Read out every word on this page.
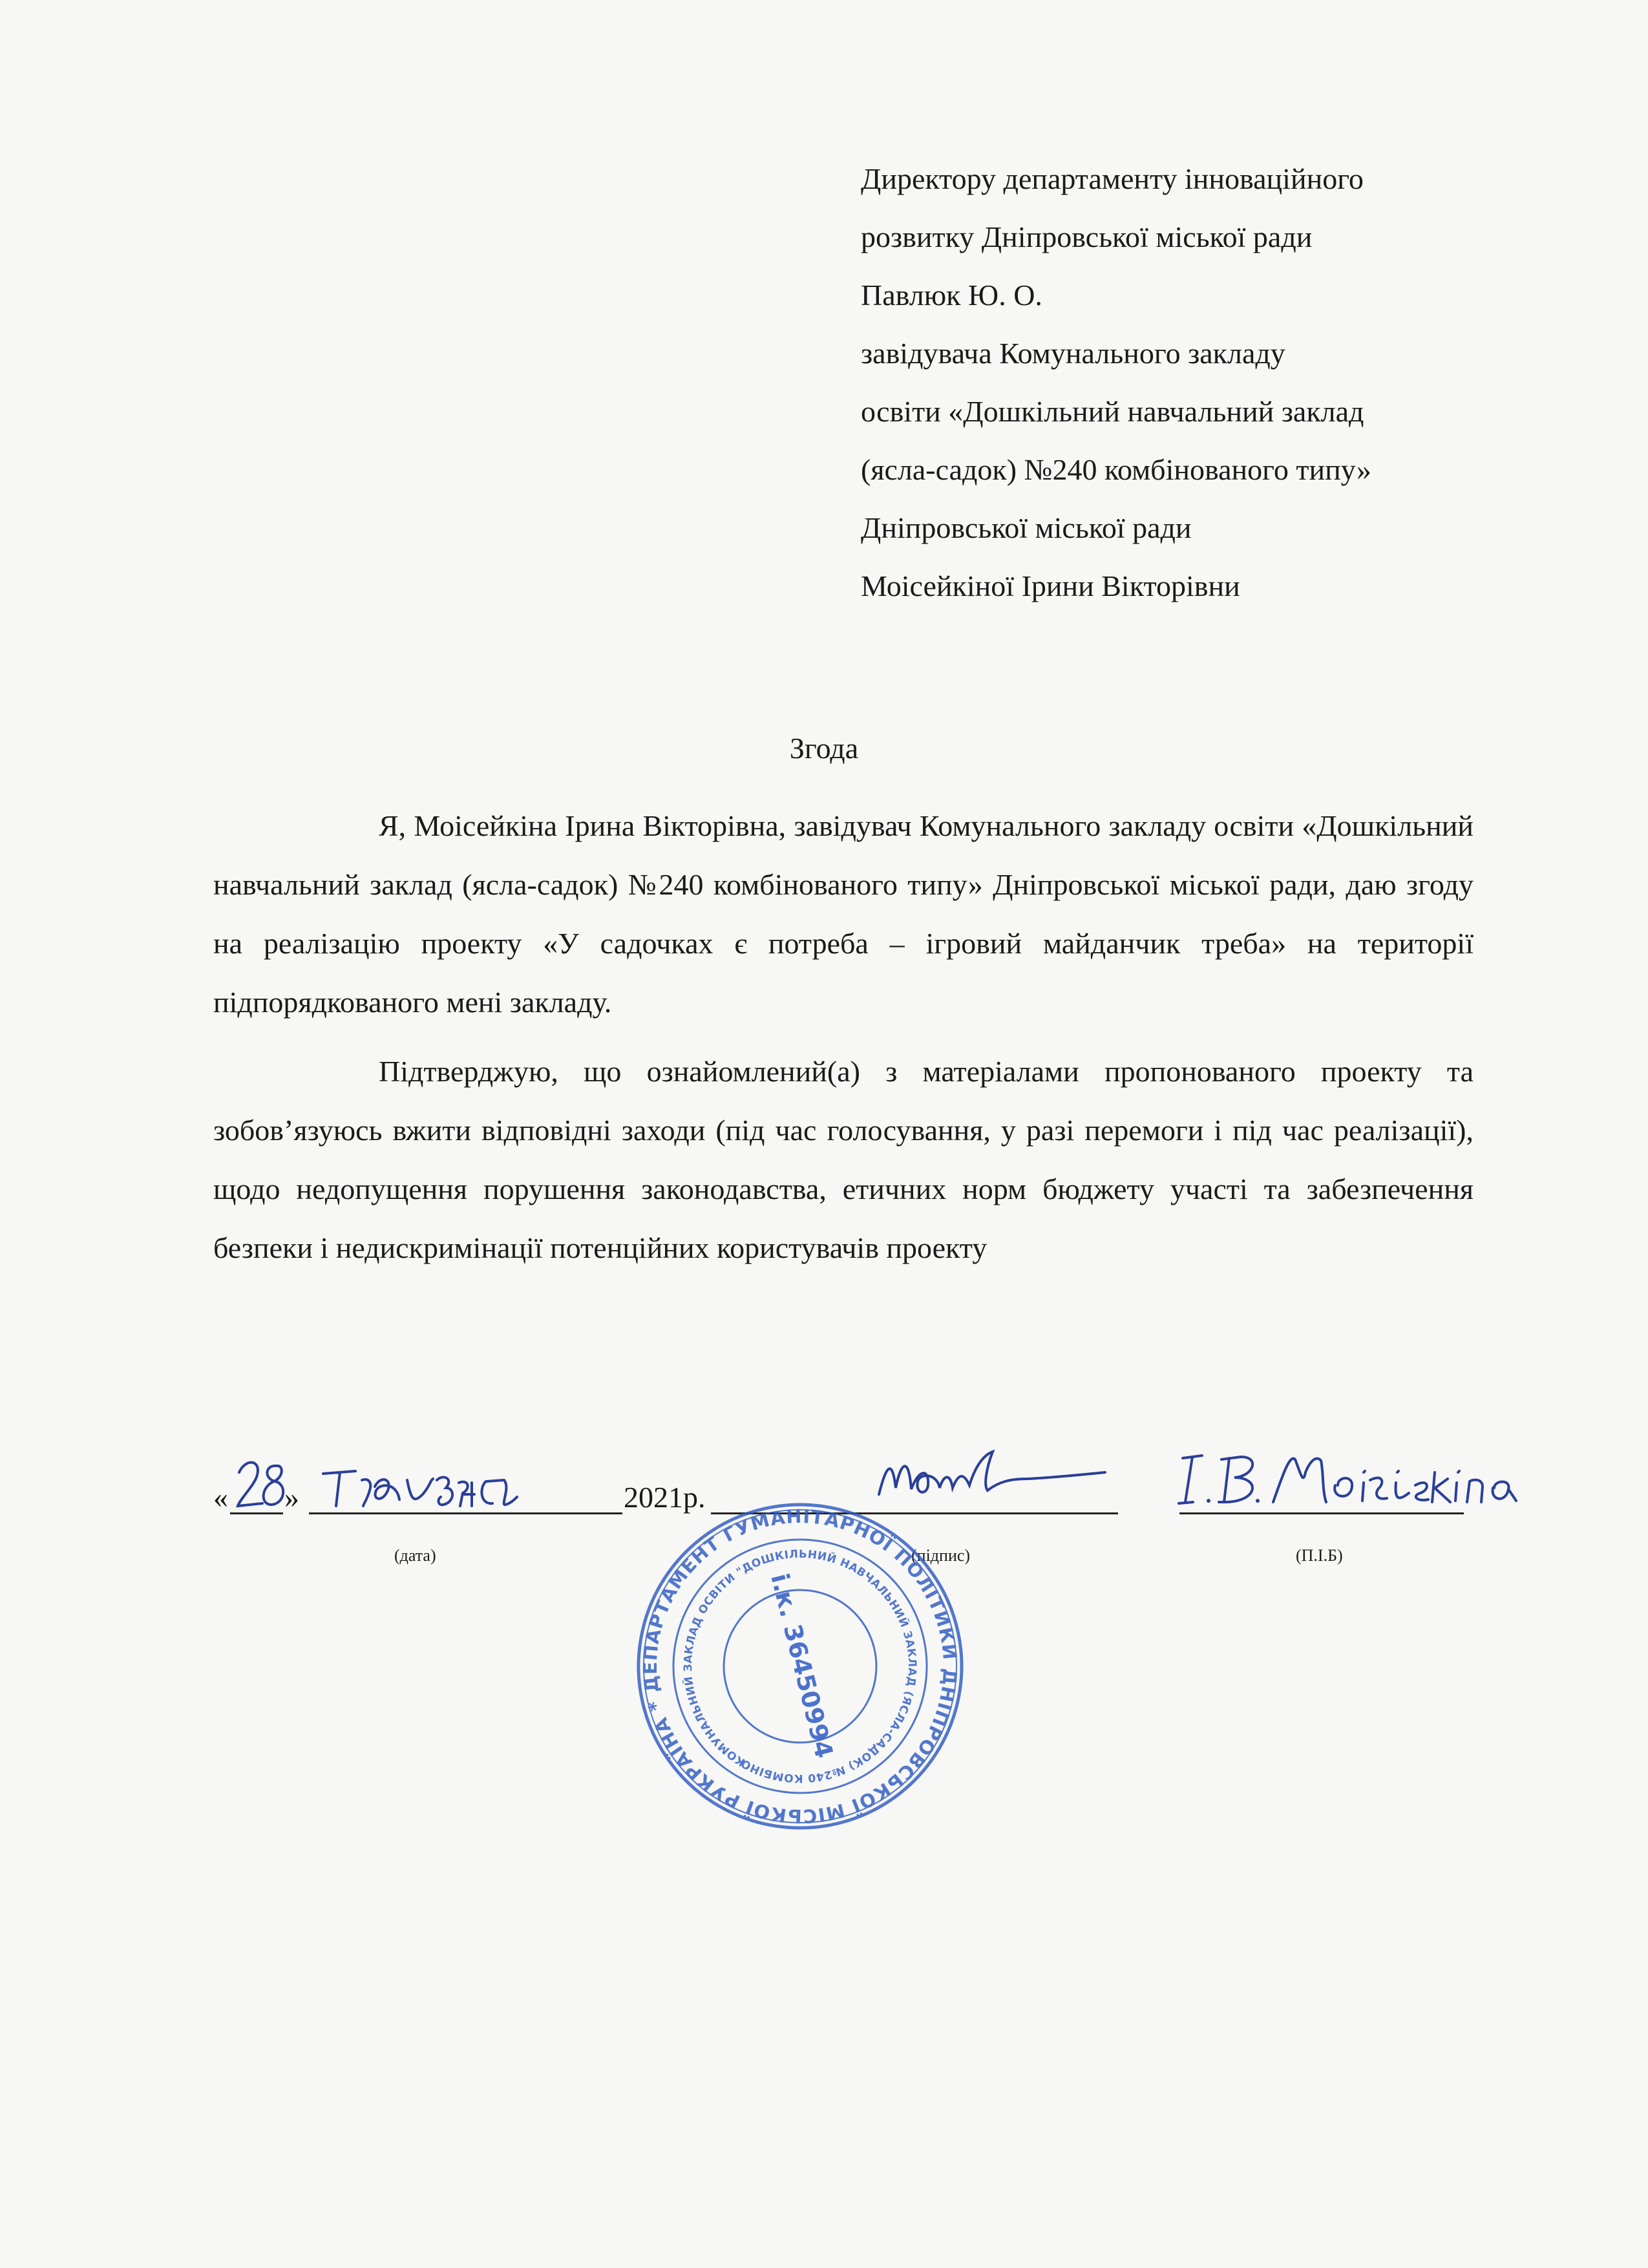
Директору департаменту інноваційного
розвитку Дніпровської міської ради
Павлюк Ю. О.
завідувача Комунального закладу
освіти «Дошкільний навчальний заклад
(ясла-садок) №240 комбінованого типу»
Дніпровської міської ради
Моісейкіної Ірини Вікторівни
Згода

Я, Моісейкіна Ірина Вікторівна, завідувач Комунального закладу освіти «Дошкільний навчальний заклад (ясла-садок) №240 комбінованого типу» Дніпровської міської ради, даю згоду на реалізацію проекту «У садочках є потреба – ігровий майданчик треба» на території підпорядкованого мені закладу.

Підтверджую, що ознайомлений(а) з матеріалами пропонованого проекту та зобов’язуюсь вжити відповідні заходи (під час голосування, у разі перемоги і під час реалізації), щодо недопущення порушення законодавства, етичних норм бюджету участі та забезпечення безпеки і недискримінації потенційних користувачів проекту

« »	2021р.
(дата)	(підпис)	(П.І.Б)
УКРАЇНА * ДЕПАРТАМЕНТ ГУМАНІТАРНОЇ ПОЛІТИКИ ДНІПРОВСЬКОЇ МІСЬКОЇ РАДИ
КОМУНАЛЬНИЙ ЗАКЛАД ОСВІТИ "ДОШКІЛЬНИЙ НАВЧАЛЬНИЙ ЗАКЛАД (ЯСЛА-САДОК) №240 КОМБІНОВАНОГО	і.к. 36450994
